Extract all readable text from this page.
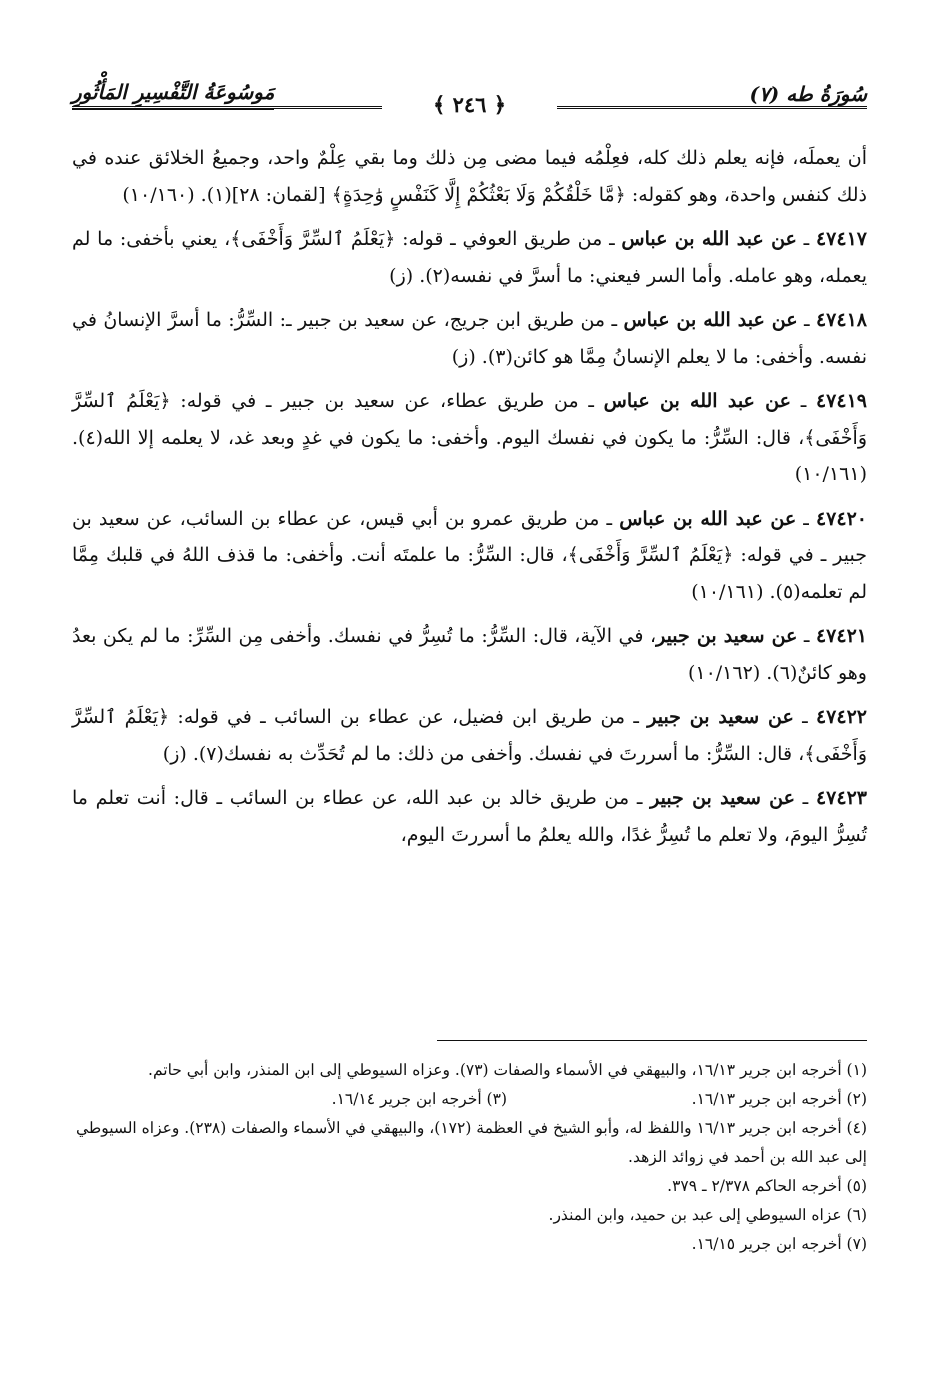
سُورَةُ طه (٧)
مَوسُوعَةُ التَّفْسِيرِ المَأْثُورِ	﴿ ٢٤٦ ﴾

أن يعملَه، فإنه يعلم ذلك كله، فعِلْمُه فيما مضى مِن ذلك وما بقي عِلْمٌ واحد، وجميعُ الخلائق عنده في ذلك كنفس واحدة، وهو كقوله: ﴿مَّا خَلْقُكُمْ وَلَا بَعْثُكُمْ إِلَّا كَنَفْسٍ وَٰحِدَةٍ﴾ [لقمان: ٢٨](١). (١٠/١٦٠)

٤٧٤١٧ ـ عن عبد الله بن عباس ـ من طريق العوفي ـ قوله: ﴿يَعْلَمُ ٱلسِّرَّ وَأَخْفَى﴾، يعني بأخفى: ما لم يعمله، وهو عامله. وأما السر فيعني: ما أسرَّ في نفسه(٢). (ز)

٤٧٤١٨ ـ عن عبد الله بن عباس ـ من طريق ابن جريج، عن سعيد بن جبير ـ: السِّرُّ: ما أسرَّ الإنسانُ في نفسه. وأخفى: ما لا يعلم الإنسانُ مِمَّا هو كائن(٣). (ز)

٤٧٤١٩ ـ عن عبد الله بن عباس ـ من طريق عطاء، عن سعيد بن جبير ـ في قوله: ﴿يَعْلَمُ ٱلسِّرَّ وَأَخْفَى﴾، قال: السِّرُّ: ما يكون في نفسك اليوم. وأخفى: ما يكون في غدٍ وبعد غد، لا يعلمه إلا الله(٤). (١٠/١٦١)

٤٧٤٢٠ ـ عن عبد الله بن عباس ـ من طريق عمرو بن أبي قيس، عن عطاء بن السائب، عن سعيد بن جبير ـ في قوله: ﴿يَعْلَمُ ٱلسِّرَّ وَأَخْفَى﴾، قال: السِّرُّ: ما علمتَه أنت. وأخفى: ما قذف اللهُ في قلبك مِمَّا لم تعلمه(٥). (١٠/١٦١)

٤٧٤٢١ ـ عن سعيد بن جبير، في الآية، قال: السِّرُّ: ما تُسِرُّ في نفسك. وأخفى مِن السِّرِّ: ما لم يكن بعدُ وهو كائنٌ(٦). (١٠/١٦٢)

٤٧٤٢٢ ـ عن سعيد بن جبير ـ من طريق ابن فضيل، عن عطاء بن السائب ـ في قوله: ﴿يَعْلَمُ ٱلسِّرَّ وَأَخْفَى﴾، قال: السِّرُّ: ما أسررتَ في نفسك. وأخفى من ذلك: ما لم تُحَدِّث به نفسك(٧). (ز)

٤٧٤٢٣ ـ عن سعيد بن جبير ـ من طريق خالد بن عبد الله، عن عطاء بن السائب ـ قال: أنت تعلم ما تُسِرُّ اليومَ، ولا تعلم ما تُسِرُّ غدًا، والله يعلمُ ما أسررتَ اليوم،

(١) أخرجه ابن جرير ١٦/١٣، والبيهقي في الأسماء والصفات (٧٣). وعزاه السيوطي إلى ابن المنذر، وابن أبي حاتم.

(٢) أخرجه ابن جرير ١٦/١٣.

(٣) أخرجه ابن جرير ١٦/١٤.

(٤) أخرجه ابن جرير ١٦/١٣ واللفظ له، وأبو الشيخ في العظمة (١٧٢)، والبيهقي في الأسماء والصفات (٢٣٨). وعزاه السيوطي إلى عبد الله بن أحمد في زوائد الزهد.

(٥) أخرجه الحاكم ٢/٣٧٨ ـ ٣٧٩.

(٦) عزاه السيوطي إلى عبد بن حميد، وابن المنذر.

(٧) أخرجه ابن جرير ١٦/١٥.
